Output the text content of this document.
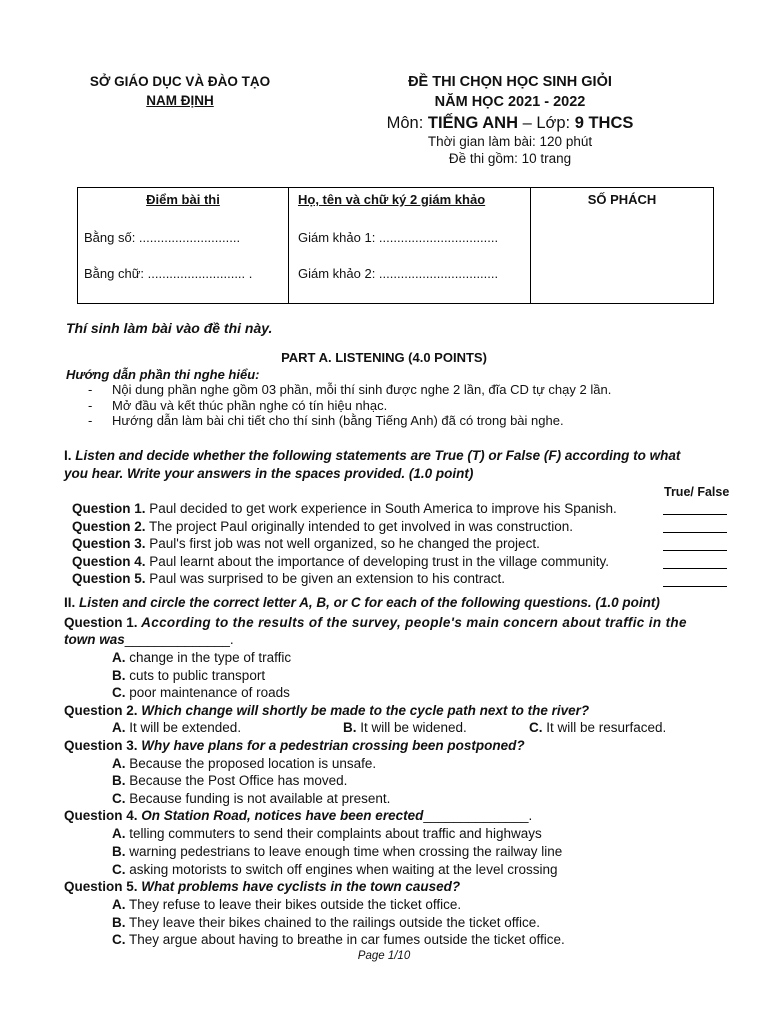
SỞ GIÁO DỤC VÀ ĐÀO TẠO
NAM ĐỊNH
ĐỀ THI CHỌN HỌC SINH GIỎI
NĂM HỌC 2021 - 2022
Môn: TIẾNG ANH – Lớp: 9 THCS
Thời gian làm bài: 120 phút
Đề thi gồm: 10 trang
Điểm bài thi
Bằng số: ............................
Bằng chữ: ........................... .
Họ, tên và chữ ký 2 giám khảo
Giám khảo 1: .................................
Giám khảo 2: .................................
SỐ PHÁCH
Thí sinh làm bài vào đề thi này.
PART A. LISTENING (4.0 POINTS)
Hướng dẫn phần thi nghe hiểu:
- Nội dung phần nghe gồm 03 phần, mỗi thí sinh được nghe 2 lần, đĩa CD tự chạy 2 lần.
- Mở đầu và kết thúc phần nghe có tín hiệu nhạc.
- Hướng dẫn làm bài chi tiết cho thí sinh (bằng Tiếng Anh) đã có trong bài nghe.
I. Listen and decide whether the following statements are True (T) or False (F) according to what
you hear. Write your answers in the spaces provided. (1.0 point)
True/ False
Question 1. Paul decided to get work experience in South America to improve his Spanish.
Question 2. The project Paul originally intended to get involved in was construction.
Question 3. Paul's first job was not well organized, so he changed the project.
Question 4. Paul learnt about the importance of developing trust in the village community.
Question 5. Paul was surprised to be given an extension to his contract.
II. Listen and circle the correct letter A, B, or C for each of the following questions. (1.0 point)
Question 1. According to the results of the survey, people's main concern about traffic in the
town was______________.
A. change in the type of traffic
B. cuts to public transport
C. poor maintenance of roads
Question 2. Which change will shortly be made to the cycle path next to the river?
A. It will be extended.	B. It will be widened.	C. It will be resurfaced.
Question 3. Why have plans for a pedestrian crossing been postponed?
A. Because the proposed location is unsafe.
B. Because the Post Office has moved.
C. Because funding is not available at present.
Question 4. On Station Road, notices have been erected______________.
A. telling commuters to send their complaints about traffic and highways
B. warning pedestrians to leave enough time when crossing the railway line
C. asking motorists to switch off engines when waiting at the level crossing
Question 5. What problems have cyclists in the town caused?
A. They refuse to leave their bikes outside the ticket office.
B. They leave their bikes chained to the railings outside the ticket office.
C. They argue about having to breathe in car fumes outside the ticket office.
Page 1/10
